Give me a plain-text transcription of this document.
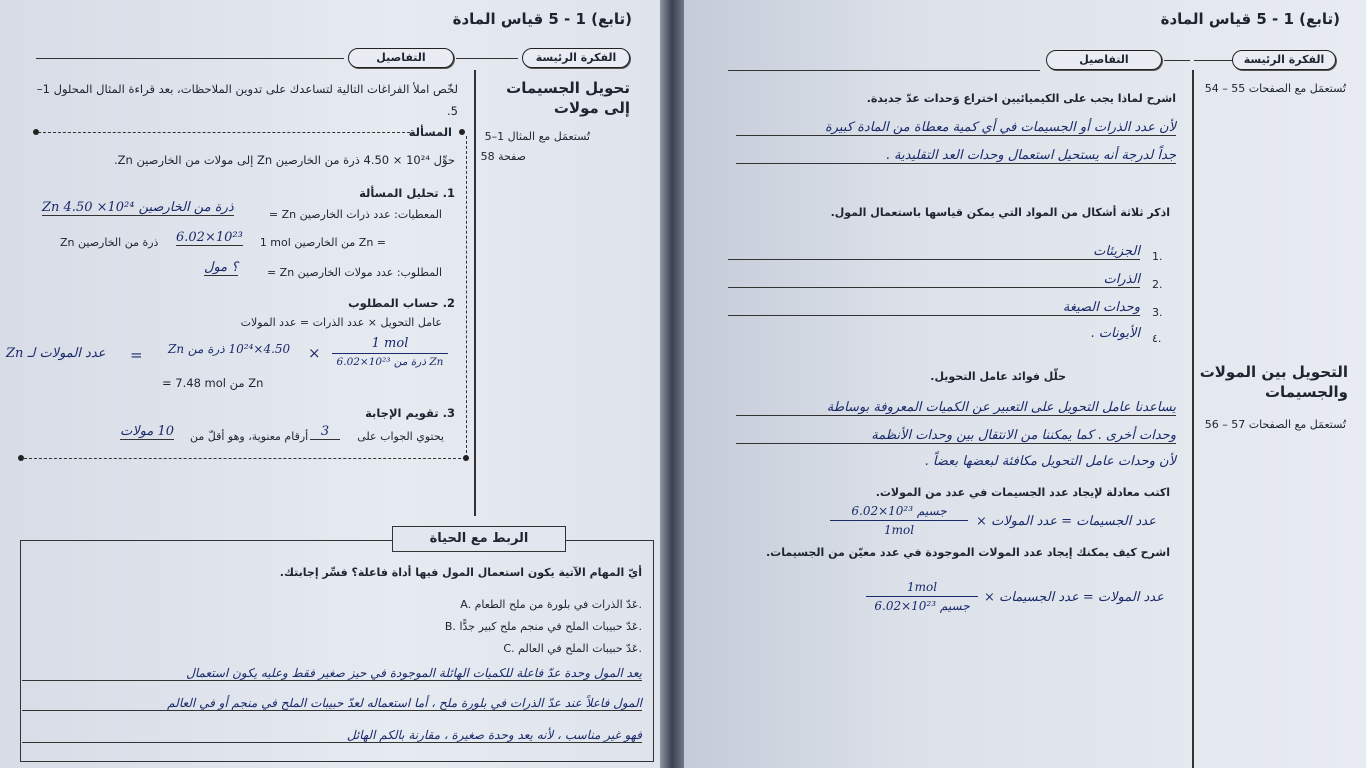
(تابع) 1 - 5 قياس المادة
التفاصيل	الفكرة الرئيسة
تحويل الجسيمات إلى مولات
تُستعمَل مع المثال 1–5
صفحة 58
لخّص املأ الفراغات التالية لتساعدك على تدوين الملاحظات، بعد قراءة المثال المحلول 1–5.
المسألة
حوِّل 10²⁴ × 4.50 ذرة من الخارصين Zn إلى مولات من الخارصين Zn.
1. تحليل المسألة
المعطيات: عدد ذرات الخارصين Zn =
Zn 4.50 ×10²⁴ ذرة من الخارصين
1 mol من الخارصين Zn =
6.02×10²³
ذرة من الخارصين Zn
المطلوب: عدد مولات الخارصين Zn =
؟ مول
2. حساب المطلوب
عامل التحويل × عدد الذرات = عدد المولات
عدد المولات لـ Zn = 4.50×10²⁴ ذرة من Zn ×
1 mol
6.02×10²³ ذرة من Zn
= 7.48 mol من Zn
3. تقويم الإجابة
يحتوي الجواب على
3
أرقام معنوية، وهو أقلّ من
10 مولات
الربط مع الحياة
أيّ المهام الآتية يكون استعمال المول فيها أداة فاعلة؟ فسِّر إجابتك.
A. عَدّ الذرات في بلورة من ملح الطعام.
B. عَدّ حبيبات الملح في منجم ملح كبير جدًّا.
C. عَدّ حبيبات الملح في العالم.
يعد المول وحدة عدّ فاعلة للكميات الهائلة الموجودة في حيز صغير فقط وعليه يكون استعمال
المول فاعلاً عند عدّ الذرات في بلورة ملح ، أما استعماله لعدّ حبيبات الملح في منجم أو في العالم
فهو غير مناسب ، لأنه يعد وحدة صغيرة ، مقارنة بالكم الهائل
(تابع) 1 - 5 قياس المادة
التفاصيل	الفكرة الرئيسة
تُستعمَل مع الصفحات 55 – 54
التحويل بين المولات والجسيمات
تُستعمَل مع الصفحات 57 – 56
اشرح لماذا يجب على الكيميائيين اختراع وَحدات عدّ جديدة.
لأن عدد الذرات أو الجسيمات في أي كمية معطاة من المادة كبيرة
جداً لدرجة أنه يستحيل استعمال وحدات العد التقليدية .
اذكر ثلاثة أشكال من المواد التي يمكن قياسها باستعمال المول.
1.
الجزيئات
2.
الذرات
3.
وحدات الصيغة
٤.
الأيونات .
حلّل فوائد عامل التحويل.
يساعدنا عامل التحويل على التعبير عن الكميات المعروفة بوساطة
وحدات أخرى . كما يمكننا من الانتقال بين وحدات الأنظمة
لأن وحدات عامل التحويل مكافئة لبعضها بعضاً .
اكتب معادلة لإيجاد عدد الجسيمات في عدد من المولات.
عدد الجسيمات = عدد المولات ×
6.02×10²³ جسيم
1mol
اشرح كيف يمكنك إيجاد عدد المولات الموجودة في عدد معيّن من الجسيمات.
عدد المولات = عدد الجسيمات ×
1mol
6.02×10²³ جسيم
